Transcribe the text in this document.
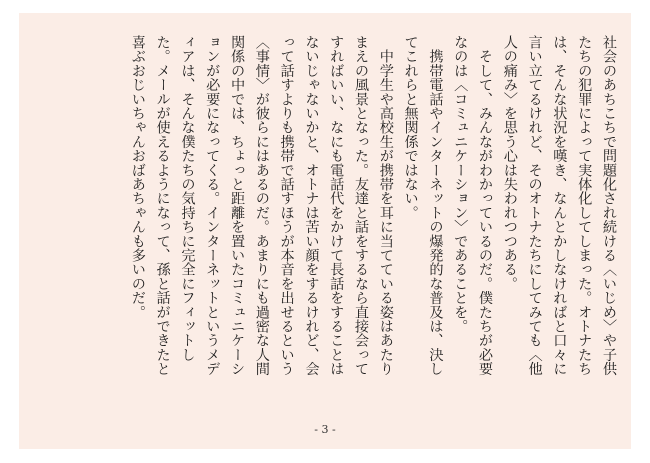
社会のあちこちで問題化され続ける〈いじめ〉や子供たちの犯罪によって実体化してしまった。オトナたちは、そんな状況を嘆き、なんとかしなければと口々に言い立てるけれど、そのオトナたちにしてみても〈他人の痛み〉を思う心は失われつつある。

　そして、みんながわかっているのだ。僕たちが必要なのは〈コミュニケーション〉であることを。

　携帯電話やインターネットの爆発的な普及は、決してこれらと無関係ではない。

　中学生や高校生が携帯を耳に当てている姿はあたりまえの風景となった。友達と話をするなら直接会ってすればいい、なにも電話代をかけて長話をすることはないじゃないかと、オトナは苦い顔をするけれど、会って話すよりも携帯で話すほうが本音を出せるという〈事情〉が彼らにはあるのだ。あまりにも過密な人間関係の中では、ちょっと距離を置いたコミュニケーションが必要になってくる。インターネットというメディアは、そんな僕たちの気持ちに完全にフィットした。メールが使えるようになって、孫と話ができたと喜ぶおじいちゃんおばあちゃんも多いのだ。

- 3 -
